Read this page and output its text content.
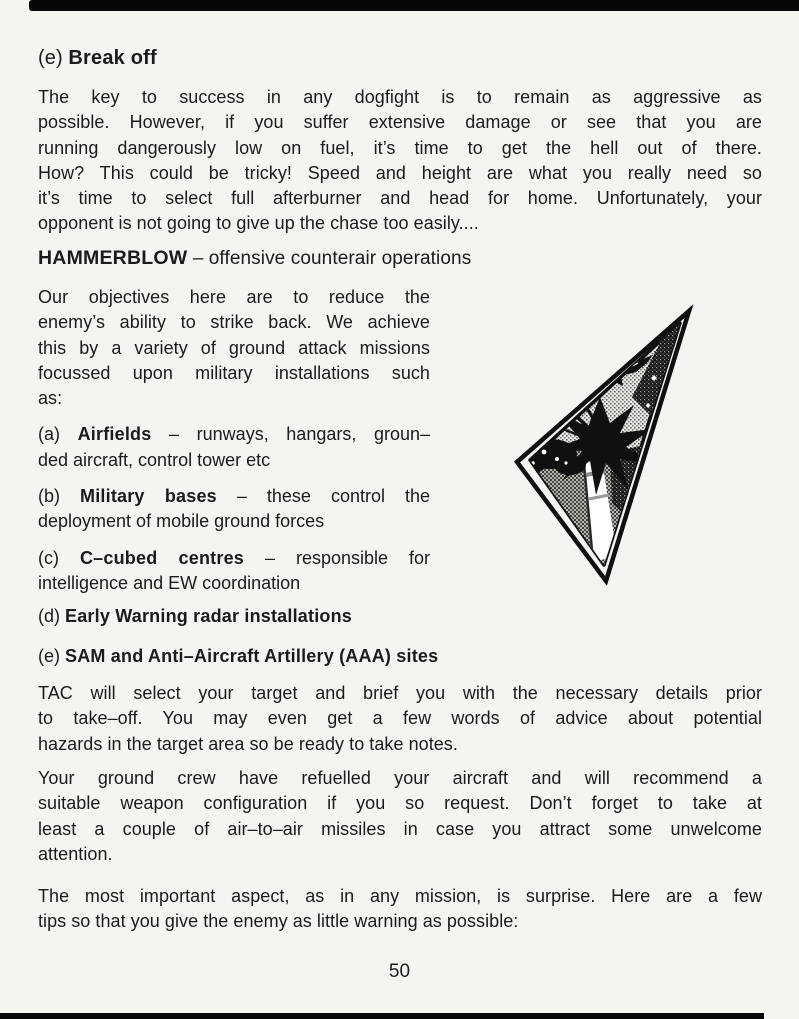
(e) Break off
The key to success in any dogfight is to remain as aggressive as
possible. However, if you suffer extensive damage or see that you are
running dangerously low on fuel, it’s time to get the hell out of there.
How? This could be tricky! Speed and height are what you really need so
it’s time to select full afterburner and head for home. Unfortunately, your
opponent is not going to give up the chase too easily....
HAMMERBLOW – offensive counterair operations
Our objectives here are to reduce the
enemy’s ability to strike back. We achieve
this by a variety of ground attack missions
focussed upon military installations such
as:
(a) Airfields – runways, hangars, groun–
ded aircraft, control tower etc
(b) Military bases – these control the
deployment of mobile ground forces
(c) C–cubed centres – responsible for
intelligence and EW coordination
(d) Early Warning radar installations
(e) SAM and Anti–Aircraft Artillery (AAA) sites
TAC will select your target and brief you with the necessary details prior
to take–off. You may even get a few words of advice about potential
hazards in the target area so be ready to take notes.
Your ground crew have refuelled your aircraft and will recommend a
suitable weapon configuration if you so request. Don’t forget to take at
least a couple of air–to–air missiles in case you attract some unwelcome
attention.
The most important aspect, as in any mission, is surprise. Here are a few
tips so that you give the enemy as little warning as possible:
50
